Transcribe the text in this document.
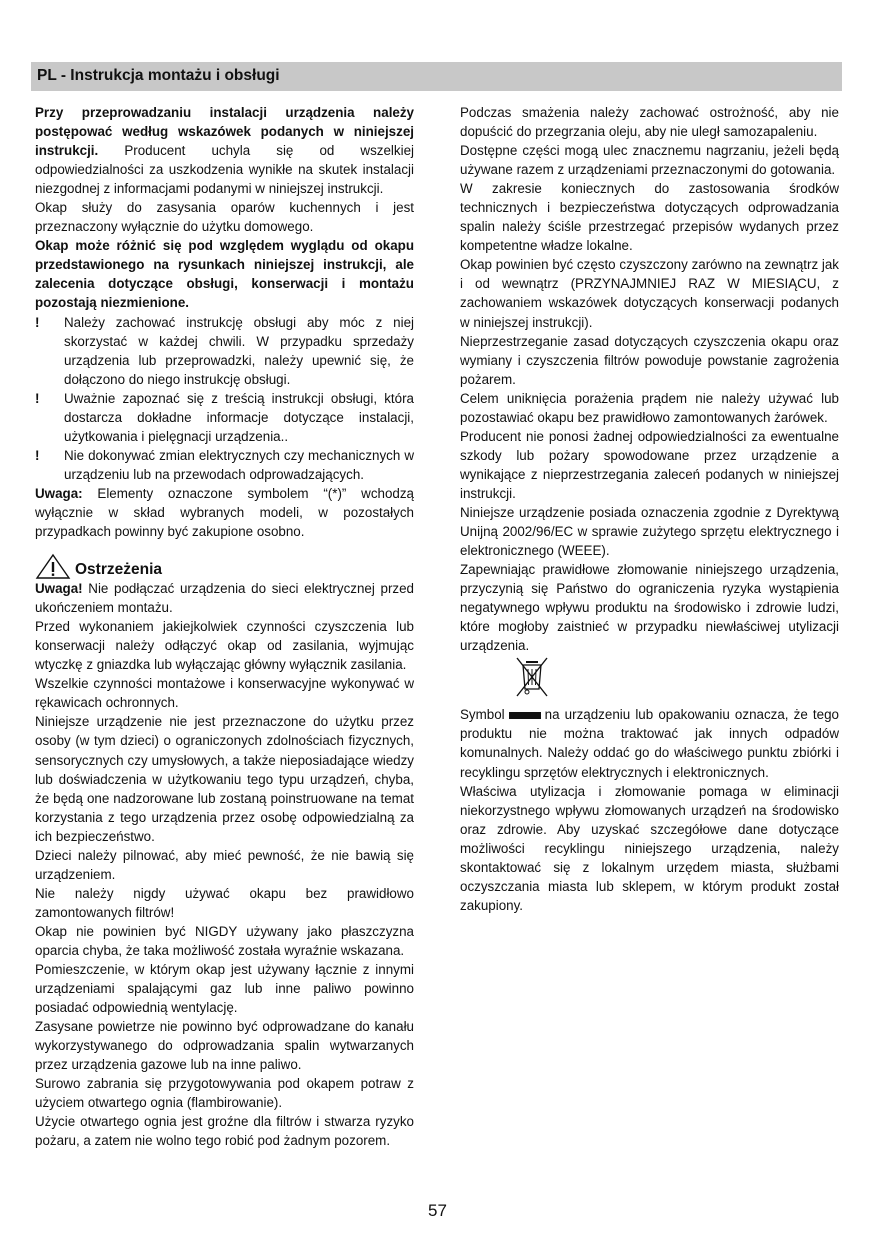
PL - Instrukcja montażu i obsługi

Przy przeprowadzaniu instalacji urządzenia należy postępować według wskazówek podanych w niniejszej instrukcji. Producent uchyla się od wszelkiej odpowiedzialności za uszkodzenia wynikłe na skutek instalacji niezgodnej z informacjami podanymi w niniejszej instrukcji.

Okap służy do zasysania oparów kuchennych i jest przeznaczony wyłącznie do użytku domowego.

Okap może różnić się pod względem wyglądu od okapu przedstawionego na rysunkach niniejszej instrukcji, ale zalecenia dotyczące obsługi, konserwacji i montażu pozostają niezmienione.

!	Należy zachować instrukcję obsługi aby móc z niej skorzystać w każdej chwili. W przypadku sprzedaży urządzenia lub przeprowadzki, należy upewnić się, że dołączono do niego instrukcję obsługi.
!	Uważnie zapoznać się z treścią instrukcji obsługi, która dostarcza dokładne informacje dotyczące instalacji, użytkowania i pielęgnacji urządzenia..
!	Nie dokonywać zmian elektrycznych czy mechanicznych w urządzeniu lub na przewodach odprowadzających.

Uwaga: Elementy oznaczone symbolem “(*)” wchodzą wyłącznie w skład wybranych modeli, w pozostałych przypadkach powinny być zakupione osobno.

Ostrzeżenia

Uwaga! Nie podłączać urządzenia do sieci elektrycznej przed ukończeniem montażu.

Przed wykonaniem jakiejkolwiek czynności czyszczenia lub konserwacji należy odłączyć okap od zasilania, wyjmując wtyczkę z gniazdka lub wyłączając główny wyłącznik zasilania.

Wszelkie czynności montażowe i konserwacyjne wykonywać w rękawicach ochronnych.

Niniejsze urządzenie nie jest przeznaczone do użytku przez osoby (w tym dzieci) o ograniczonych zdolnościach fizycznych, sensorycznych czy umysłowych, a także nieposiadające wiedzy lub doświadczenia w użytkowaniu tego typu urządzeń, chyba, że będą one nadzorowane lub zostaną poinstruowane na temat korzystania z tego urządzenia przez osobę odpowiedzialną za ich bezpieczeństwo.

Dzieci należy pilnować, aby mieć pewność, że nie bawią się urządzeniem.

Nie należy nigdy używać okapu bez prawidłowo zamontowanych filtrów!

Okap nie powinien być NIGDY używany jako płaszczyzna oparcia chyba, że taka możliwość została wyraźnie wskazana.

Pomieszczenie, w którym okap jest używany łącznie z innymi urządzeniami spalającymi gaz lub inne paliwo powinno posiadać odpowiednią wentylację.

Zasysane powietrze nie powinno być odprowadzane do kanału wykorzystywanego do odprowadzania spalin wytwarzanych przez urządzenia gazowe lub na inne paliwo.

Surowo zabrania się przygotowywania pod okapem potraw z użyciem otwartego ognia (flambirowanie).

Użycie otwartego ognia jest groźne dla filtrów i stwarza ryzyko pożaru, a zatem nie wolno tego robić pod żadnym pozorem.

Podczas smażenia należy zachować ostrożność, aby nie dopuścić do przegrzania oleju, aby nie uległ samozapaleniu.

Dostępne części mogą ulec znacznemu nagrzaniu, jeżeli będą używane razem z urządzeniami przeznaczonymi do gotowania.

W zakresie koniecznych do zastosowania środków technicznych i bezpieczeństwa dotyczących odprowadzania spalin należy ściśle przestrzegać przepisów wydanych przez kompetentne władze lokalne.

Okap powinien być często czyszczony zarówno na zewnątrz jak i od wewnątrz (PRZYNAJMNIEJ RAZ W MIESIĄCU, z zachowaniem wskazówek dotyczących konserwacji podanych w niniejszej instrukcji).

Nieprzestrzeganie zasad dotyczących czyszczenia okapu oraz wymiany i czyszczenia filtrów powoduje powstanie zagrożenia pożarem.

Celem uniknięcia porażenia prądem nie należy używać lub pozostawiać okapu bez prawidłowo zamontowanych żarówek.

Producent nie ponosi żadnej odpowiedzialności za ewentualne szkody lub pożary spowodowane przez urządzenie a wynikające z nieprzestrzegania zaleceń podanych w niniejszej instrukcji.

Niniejsze urządzenie posiada oznaczenia zgodnie z Dyrektywą Unijną 2002/96/EC w sprawie zużytego sprzętu elektrycznego i elektronicznego (WEEE).

Zapewniając prawidłowe złomowanie niniejszego urządzenia, przyczynią się Państwo do ograniczenia ryzyka wystąpienia negatywnego wpływu produktu na środowisko i zdrowie ludzi, które mogłoby zaistnieć w przypadku niewłaściwej utylizacji urządzenia.

Symbol	na urządzeniu lub opakowaniu oznacza, że tego produktu nie można traktować jak innych odpadów komunalnych. Należy oddać go do właściwego punktu zbiórki i recyklingu sprzętów elektrycznych i elektronicznych.

Właściwa utylizacja i złomowanie pomaga w eliminacji niekorzystnego wpływu złomowanych urządzeń na środowisko oraz zdrowie. Aby uzyskać szczegółowe dane dotyczące możliwości recyklingu niniejszego urządzenia, należy skontaktować się z lokalnym urzędem miasta, służbami oczyszczania miasta lub sklepem, w którym produkt został zakupiony.

57
